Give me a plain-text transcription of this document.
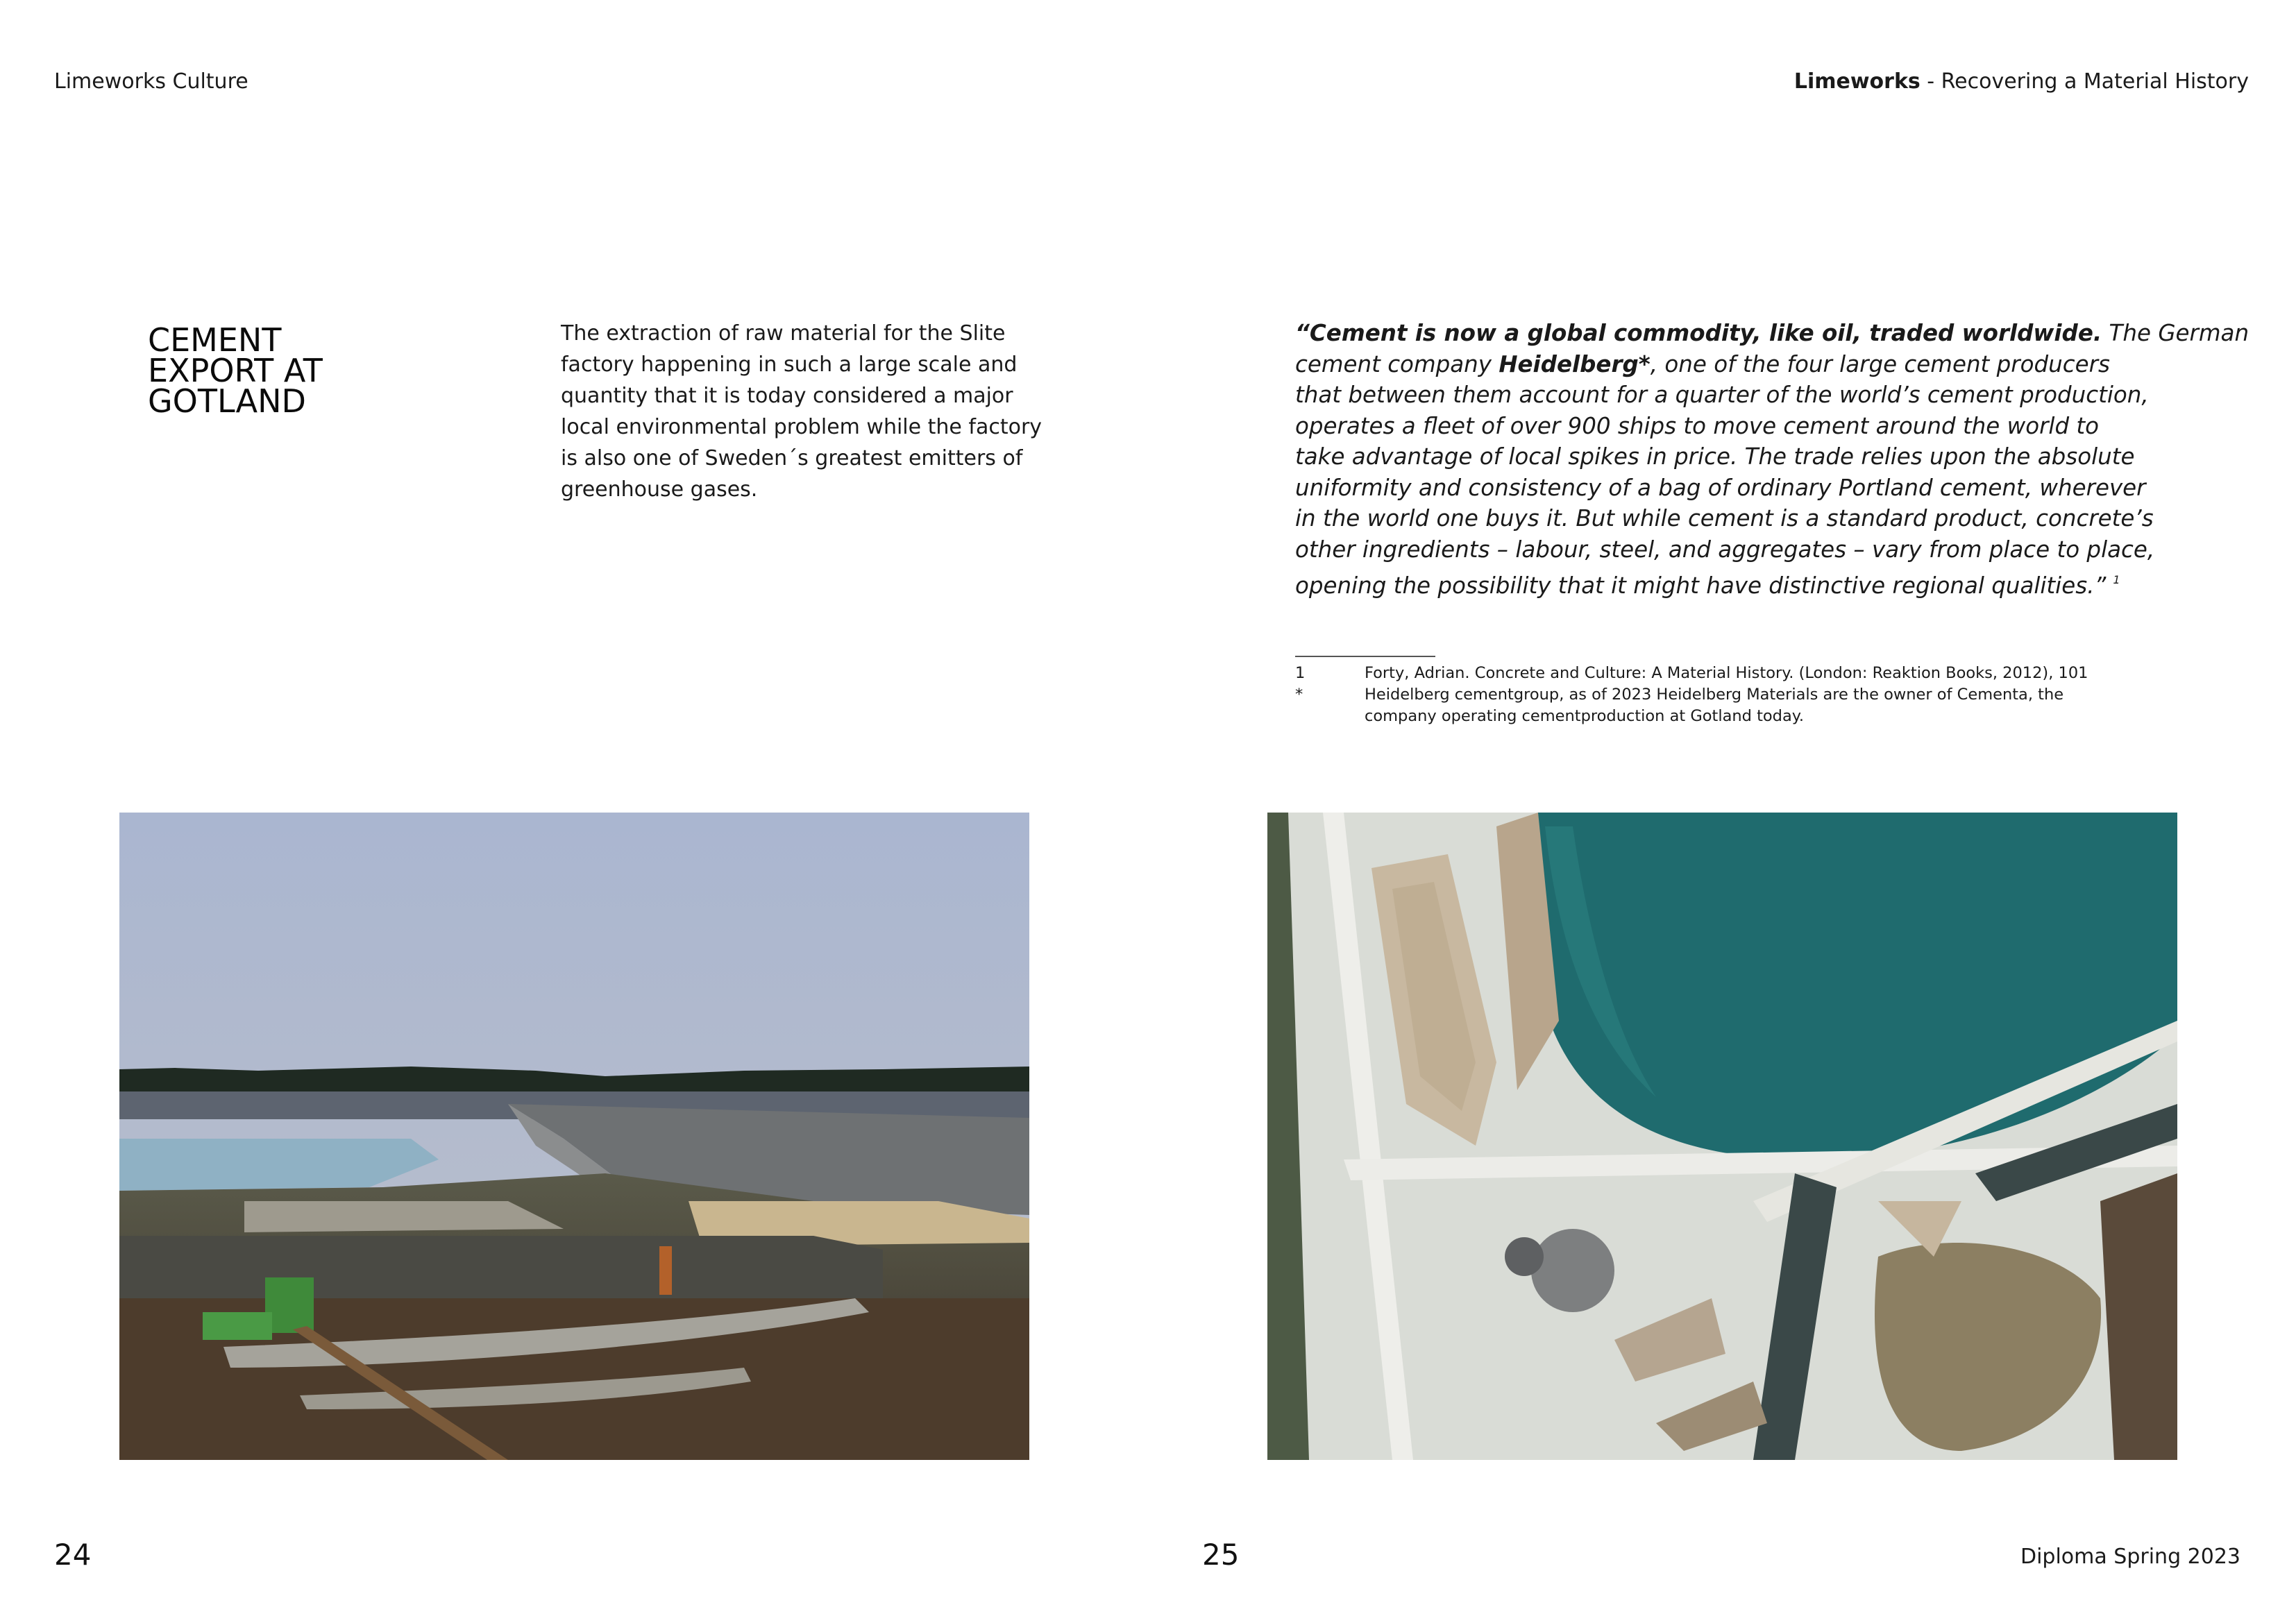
Limeworks Culture	Limeworks - Recovering a Material History
CEMENT
EXPORT AT
GOTLAND
The extraction of raw material for the Slite
factory happening in such a large scale and
quantity that it is today considered a major
local environmental problem while the factory
is also one of Sweden´s greatest emitters of
greenhouse gases.
“Cement is now a global commodity, like oil, traded worldwide. The German
cement company Heidelberg*, one of the four large cement producers
that between them account for a quarter of the world’s cement production,
operates a fleet of over 900 ships to move cement around the world to
take advantage of local spikes in price. The trade relies upon the absolute
uniformity and consistency of a bag of ordinary Portland cement, wherever
in the world one buys it. But while cement is a standard product, concrete’s
other ingredients – labour, steel, and aggregates – vary from place to place,
opening the possibility that it might have distinctive regional qualities.” $^1$
1	Forty, Adrian. Concrete and Culture: A Material History. (London: Reaktion Books, 2012), 101
*	Heidelberg cementgroup, as of 2023 Heidelberg Materials are the owner of Cementa, the
company operating cementproduction at Gotland today.
24	25	Diploma Spring 2023
